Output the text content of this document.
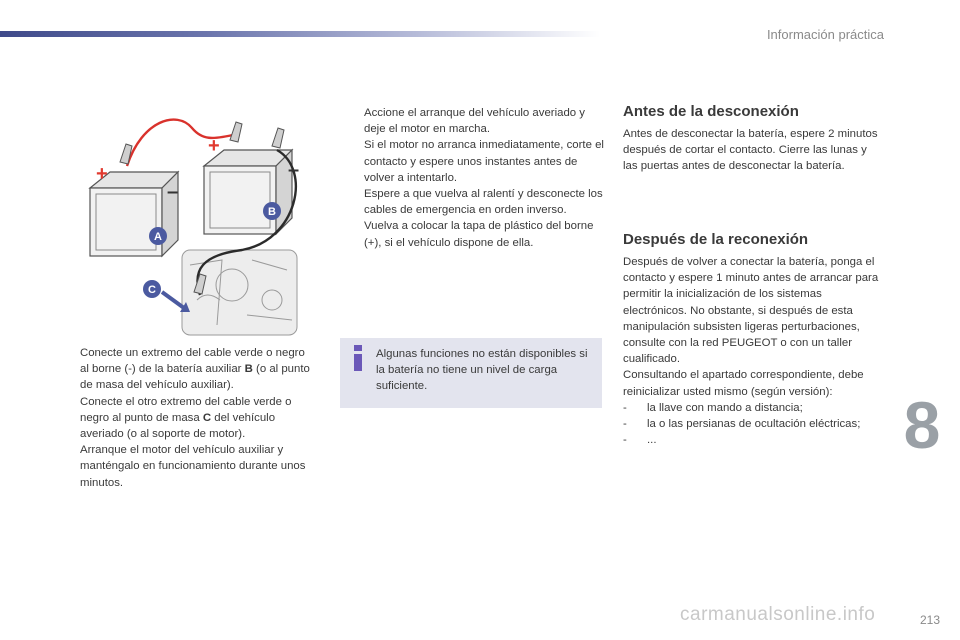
Información práctica
+
–
+
–
A
B
C
Conecte un extremo del cable verde o negro al borne (-) de la batería auxiliar B (o al punto de masa del vehículo auxiliar).
Conecte el otro extremo del cable verde o negro al punto de masa C del vehículo averiado (o al soporte de motor).
Arranque el motor del vehículo auxiliar y manténgalo en funcionamiento durante unos minutos.
Accione el arranque del vehículo averiado y deje el motor en marcha.
Si el motor no arranca inmediatamente, corte el contacto y espere unos instantes antes de volver a intentarlo.
Espere a que vuelva al ralentí y desconecte los cables de emergencia en orden inverso.
Vuelva a colocar la tapa de plástico del borne (+), si el vehículo dispone de ella.
Algunas funciones no están disponibles si la batería no tiene un nivel de carga suficiente.
Antes de la desconexión

Antes de desconectar la batería, espere 2 minutos después de cortar el contacto. Cierre las lunas y las puertas antes de desconectar la batería.

Después de la reconexión
Después de volver a conectar la batería, ponga el contacto y espere 1 minuto antes de arrancar para permitir la inicialización de los sistemas electrónicos. No obstante, si después de esta manipulación subsisten ligeras perturbaciones, consulte con la red PEUGEOT o con un taller cualificado.
Consultando el apartado correspondiente, debe reinicializar usted mismo (según versión):
- la llave con mando a distancia;
- la o las persianas de ocultación eléctricas;
- ...	8
carmanualsonline.info	213
